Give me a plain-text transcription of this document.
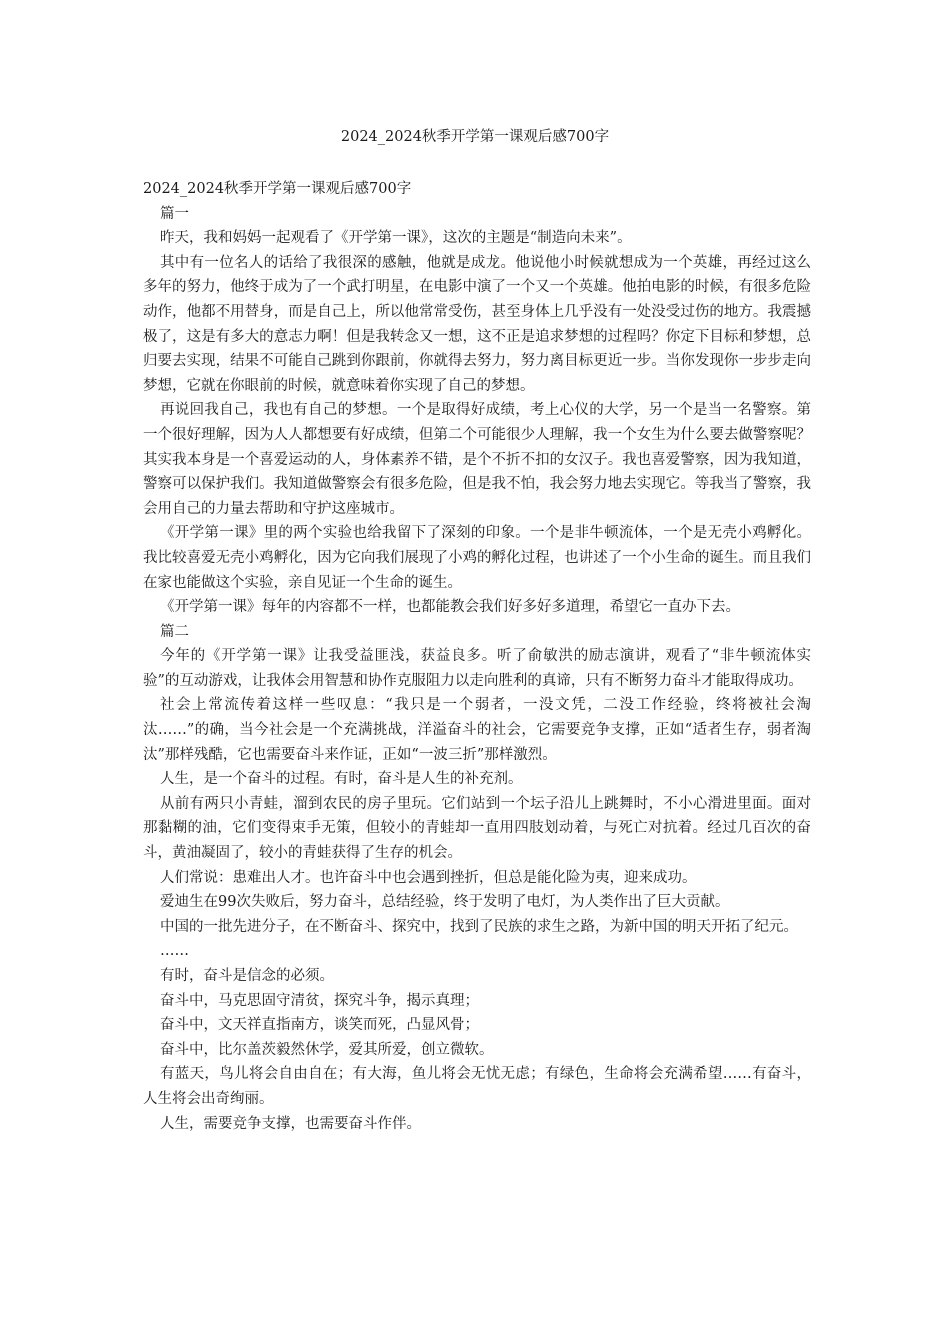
2024_2024秋季开学第一课观后感700字

2024_2024秋季开学第一课观后感700字

篇一

昨天，我和妈妈一起观看了《开学第一课》，这次的主题是“制造向未来”。

其中有一位名人的话给了我很深的感触，他就是成龙。他说他小时候就想成为一个英雄，再经过这么多年的努力，他终于成为了一个武打明星，在电影中演了一个又一个英雄。他拍电影的时候，有很多危险动作，他都不用替身，而是自己上，所以他常常受伤，甚至身体上几乎没有一处没受过伤的地方。我震撼极了，这是有多大的意志力啊！但是我转念又一想，这不正是追求梦想的过程吗？你定下目标和梦想，总归要去实现，结果不可能自己跳到你跟前，你就得去努力，努力离目标更近一步。当你发现你一步步走向梦想，它就在你眼前的时候，就意味着你实现了自己的梦想。

再说回我自己，我也有自己的梦想。一个是取得好成绩，考上心仪的大学，另一个是当一名警察。第一个很好理解，因为人人都想要有好成绩，但第二个可能很少人理解，我一个女生为什么要去做警察呢？其实我本身是一个喜爱运动的人，身体素养不错，是个不折不扣的女汉子。我也喜爱警察，因为我知道，警察可以保护我们。我知道做警察会有很多危险，但是我不怕，我会努力地去实现它。等我当了警察，我会用自己的力量去帮助和守护这座城市。

《开学第一课》里的两个实验也给我留下了深刻的印象。一个是非牛顿流体，一个是无壳小鸡孵化。我比较喜爱无壳小鸡孵化，因为它向我们展现了小鸡的孵化过程，也讲述了一个小生命的诞生。而且我们在家也能做这个实验，亲自见证一个生命的诞生。

《开学第一课》每年的内容都不一样，也都能教会我们好多好多道理，希望它一直办下去。

篇二

今年的《开学第一课》让我受益匪浅，获益良多。听了俞敏洪的励志演讲，观看了“非牛顿流体实验”的互动游戏，让我体会用智慧和协作克服阻力以走向胜利的真谛，只有不断努力奋斗才能取得成功。

社会上常流传着这样一些叹息：“我只是一个弱者，一没文凭，二没工作经验，终将被社会淘汰……”的确，当今社会是一个充满挑战，洋溢奋斗的社会，它需要竞争支撑，正如“适者生存，弱者淘汰”那样残酷，它也需要奋斗来作证，正如“一波三折”那样激烈。

人生，是一个奋斗的过程。有时，奋斗是人生的补充剂。

从前有两只小青蛙，溜到农民的房子里玩。它们站到一个坛子沿儿上跳舞时，不小心滑进里面。面对那黏糊的油，它们变得束手无策，但较小的青蛙却一直用四肢划动着，与死亡对抗着。经过几百次的奋斗，黄油凝固了，较小的青蛙获得了生存的机会。

人们常说：患难出人才。也许奋斗中也会遇到挫折，但总是能化险为夷，迎来成功。

爱迪生在99次失败后，努力奋斗，总结经验，终于发明了电灯，为人类作出了巨大贡献。

中国的一批先进分子，在不断奋斗、探究中，找到了民族的求生之路，为新中国的明天开拓了纪元。

……

有时，奋斗是信念的必须。

奋斗中，马克思固守清贫，探究斗争，揭示真理；

奋斗中，文天祥直指南方，谈笑而死，凸显风骨；

奋斗中，比尔盖茨毅然休学，爱其所爱，创立微软。

有蓝天，鸟儿将会自由自在；有大海，鱼儿将会无忧无虑；有绿色，生命将会充满希望……有奋斗，人生将会出奇绚丽。

人生，需要竞争支撑，也需要奋斗作伴。
